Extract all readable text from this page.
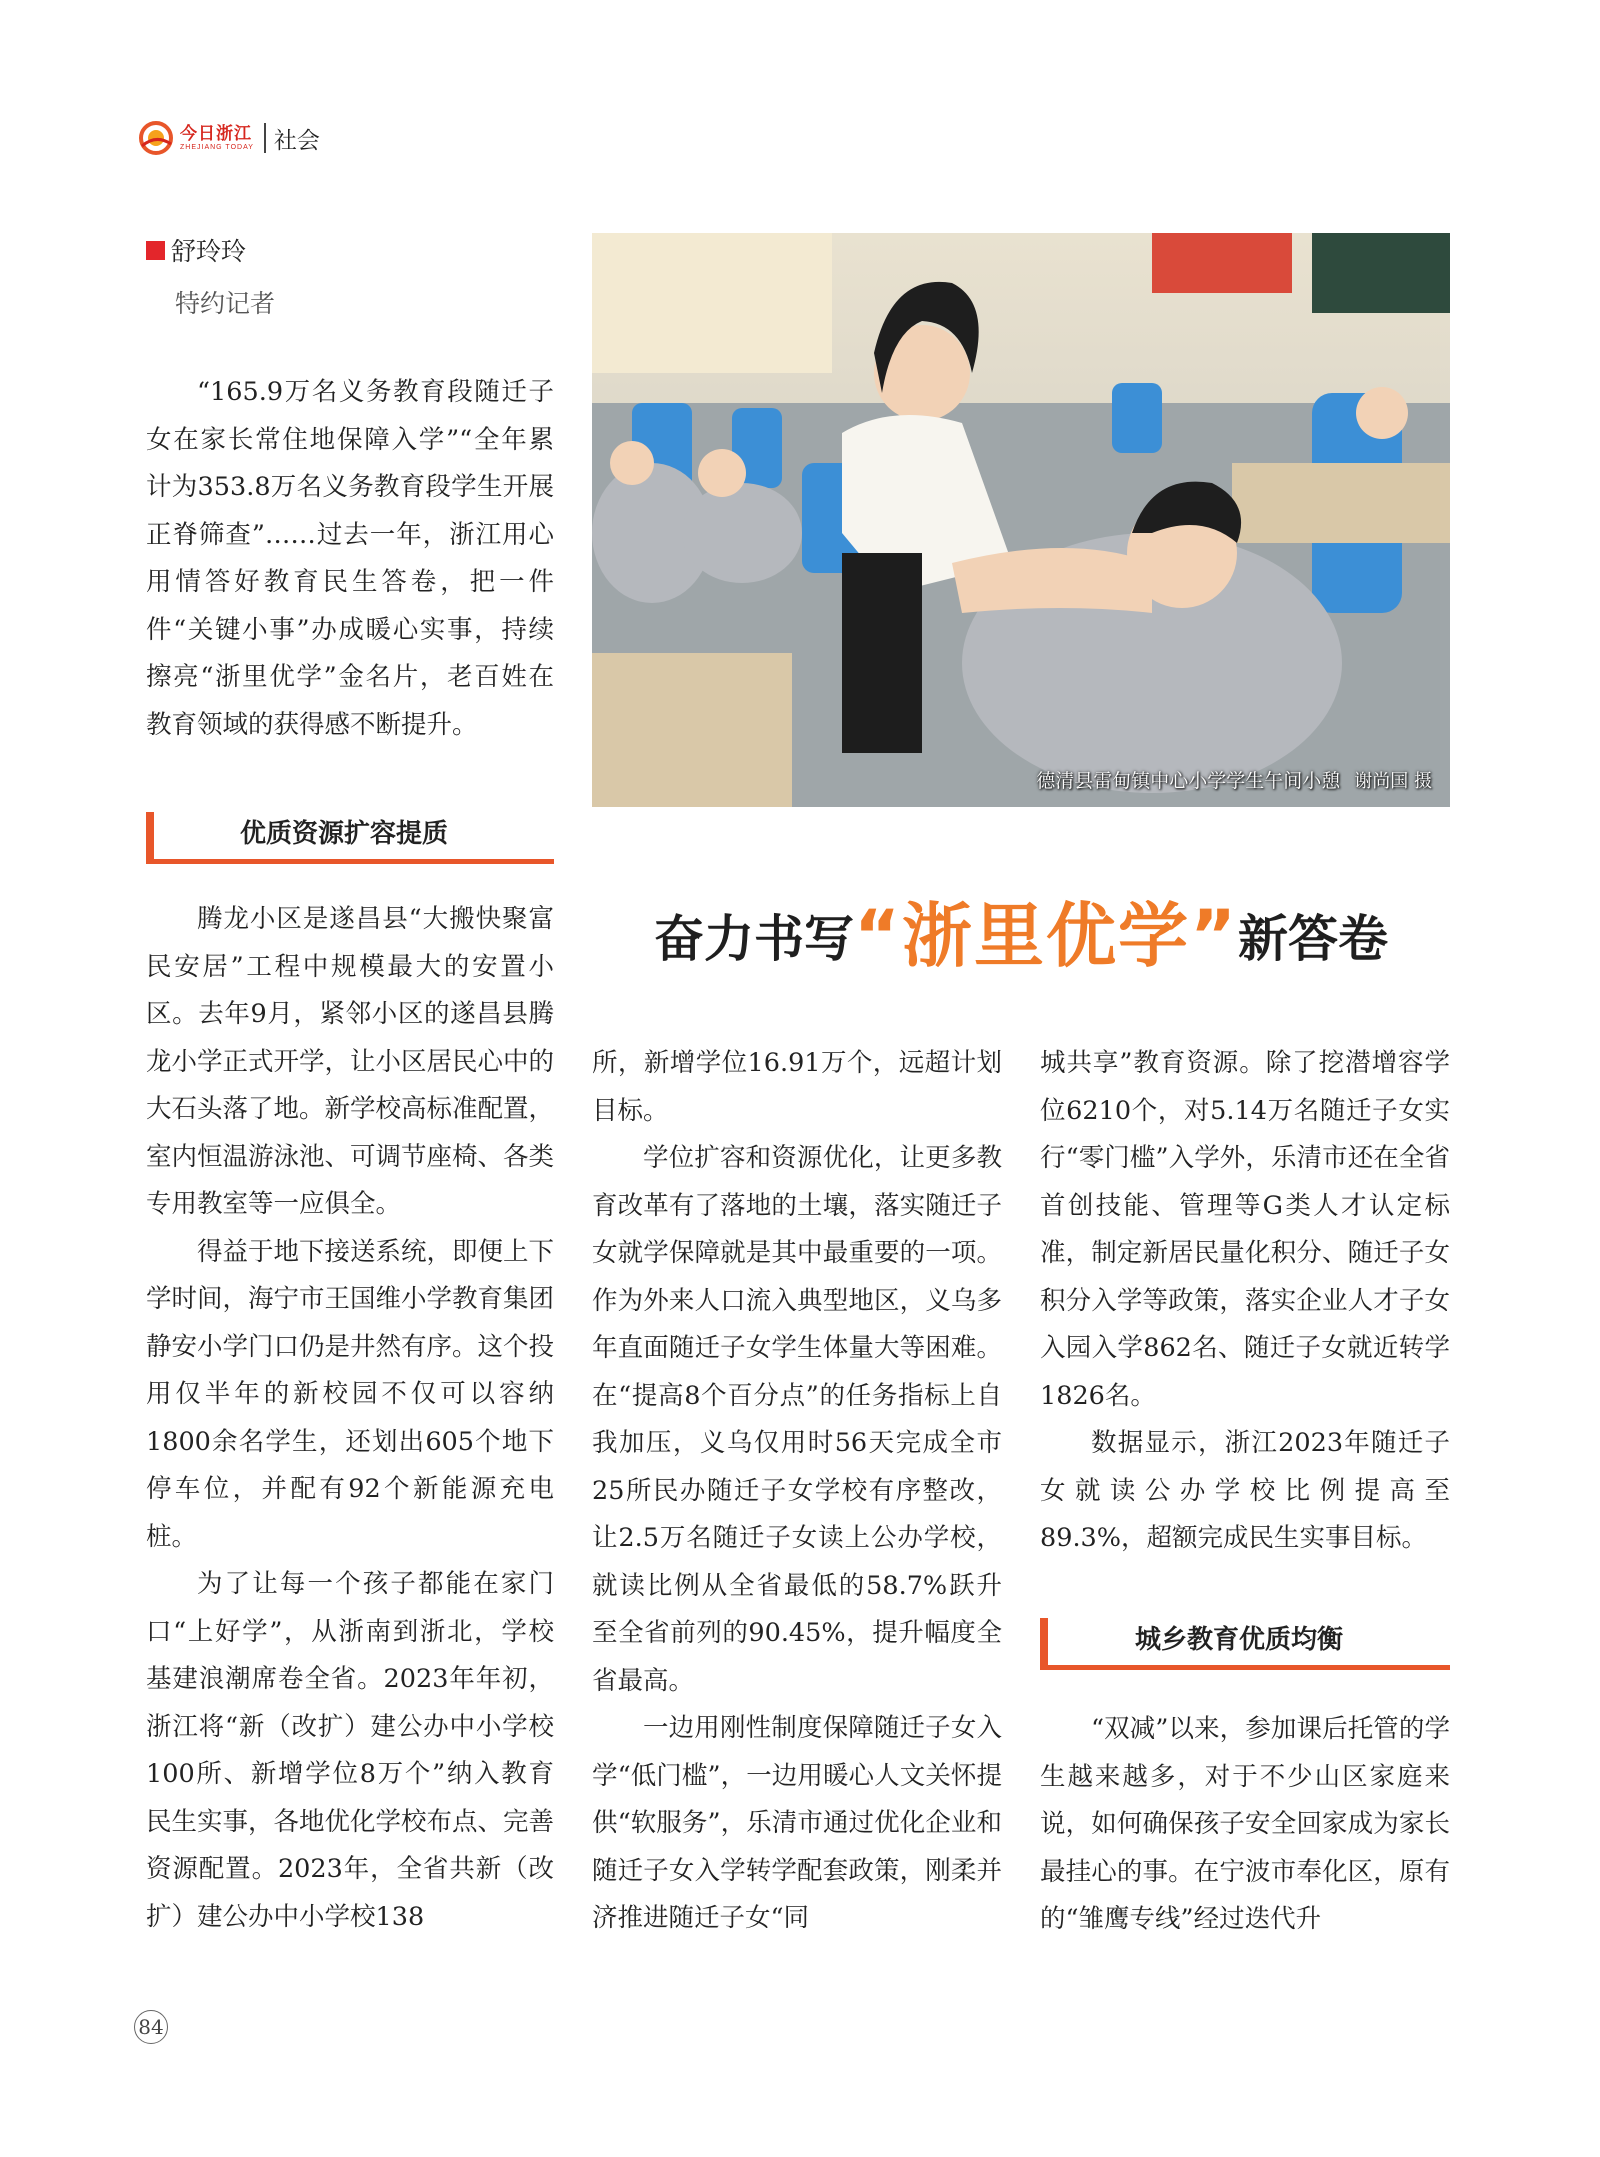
今日浙江
ZHEJIANG TODAY 社会
舒玲玲
特约记者

“165.9万名义务教育段随迁子女在家长常住地保障入学”“全年累计为353.8万名义务教育段学生开展正脊筛查”……过去一年，浙江用心用情答好教育民生答卷，把一件件“关键小事”办成暖心实事，持续擦亮“浙里优学”金名片，老百姓在教育领域的获得感不断提升。

优质资源扩容提质

腾龙小区是遂昌县“大搬快聚富民安居”工程中规模最大的安置小区。去年9月，紧邻小区的遂昌县腾龙小学正式开学，让小区居民心中的大石头落了地。新学校高标准配置，室内恒温游泳池、可调节座椅、各类专用教室等一应俱全。

得益于地下接送系统，即便上下学时间，海宁市王国维小学教育集团静安小学门口仍是井然有序。这个投用仅半年的新校园不仅可以容纳1800余名学生，还划出605个地下停车位，并配有92个新能源充电桩。

为了让每一个孩子都能在家门口“上好学”，从浙南到浙北，学校基建浪潮席卷全省。2023年年初，浙江将“新（改扩）建公办中小学校100所、新增学位8万个”纳入教育民生实事，各地优化学校布点、完善资源配置。2023年，全省共新（改扩）建公办中小学校138

德清县雷甸镇中心小学学生午间小憩 谢尚国 摄
奋力书写“浙里优学”新答卷

所，新增学位16.91万个，远超计划目标。

学位扩容和资源优化，让更多教育改革有了落地的土壤，落实随迁子女就学保障就是其中最重要的一项。作为外来人口流入典型地区，义乌多年直面随迁子女学生体量大等困难。在“提高8个百分点”的任务指标上自我加压，义乌仅用时56天完成全市25所民办随迁子女学校有序整改，让2.5万名随迁子女读上公办学校，就读比例从全省最低的58.7%跃升至全省前列的90.45%，提升幅度全省最高。

一边用刚性制度保障随迁子女入学“低门槛”，一边用暖心人文关怀提供“软服务”，乐清市通过优化企业和随迁子女入学转学配套政策，刚柔并济推进随迁子女“同

城共享”教育资源。除了挖潜增容学位6210个，对5.14万名随迁子女实行“零门槛”入学外，乐清市还在全省首创技能、管理等G类人才认定标准，制定新居民量化积分、随迁子女积分入学等政策，落实企业人才子女入园入学862名、随迁子女就近转学1826名。

数据显示，浙江2023年随迁子女就读公办学校比例提高至89.3%，超额完成民生实事目标。

城乡教育优质均衡

“双减”以来，参加课后托管的学生越来越多，对于不少山区家庭来说，如何确保孩子安全回家成为家长最挂心的事。在宁波市奉化区，原有的“雏鹰专线”经过迭代升

84
